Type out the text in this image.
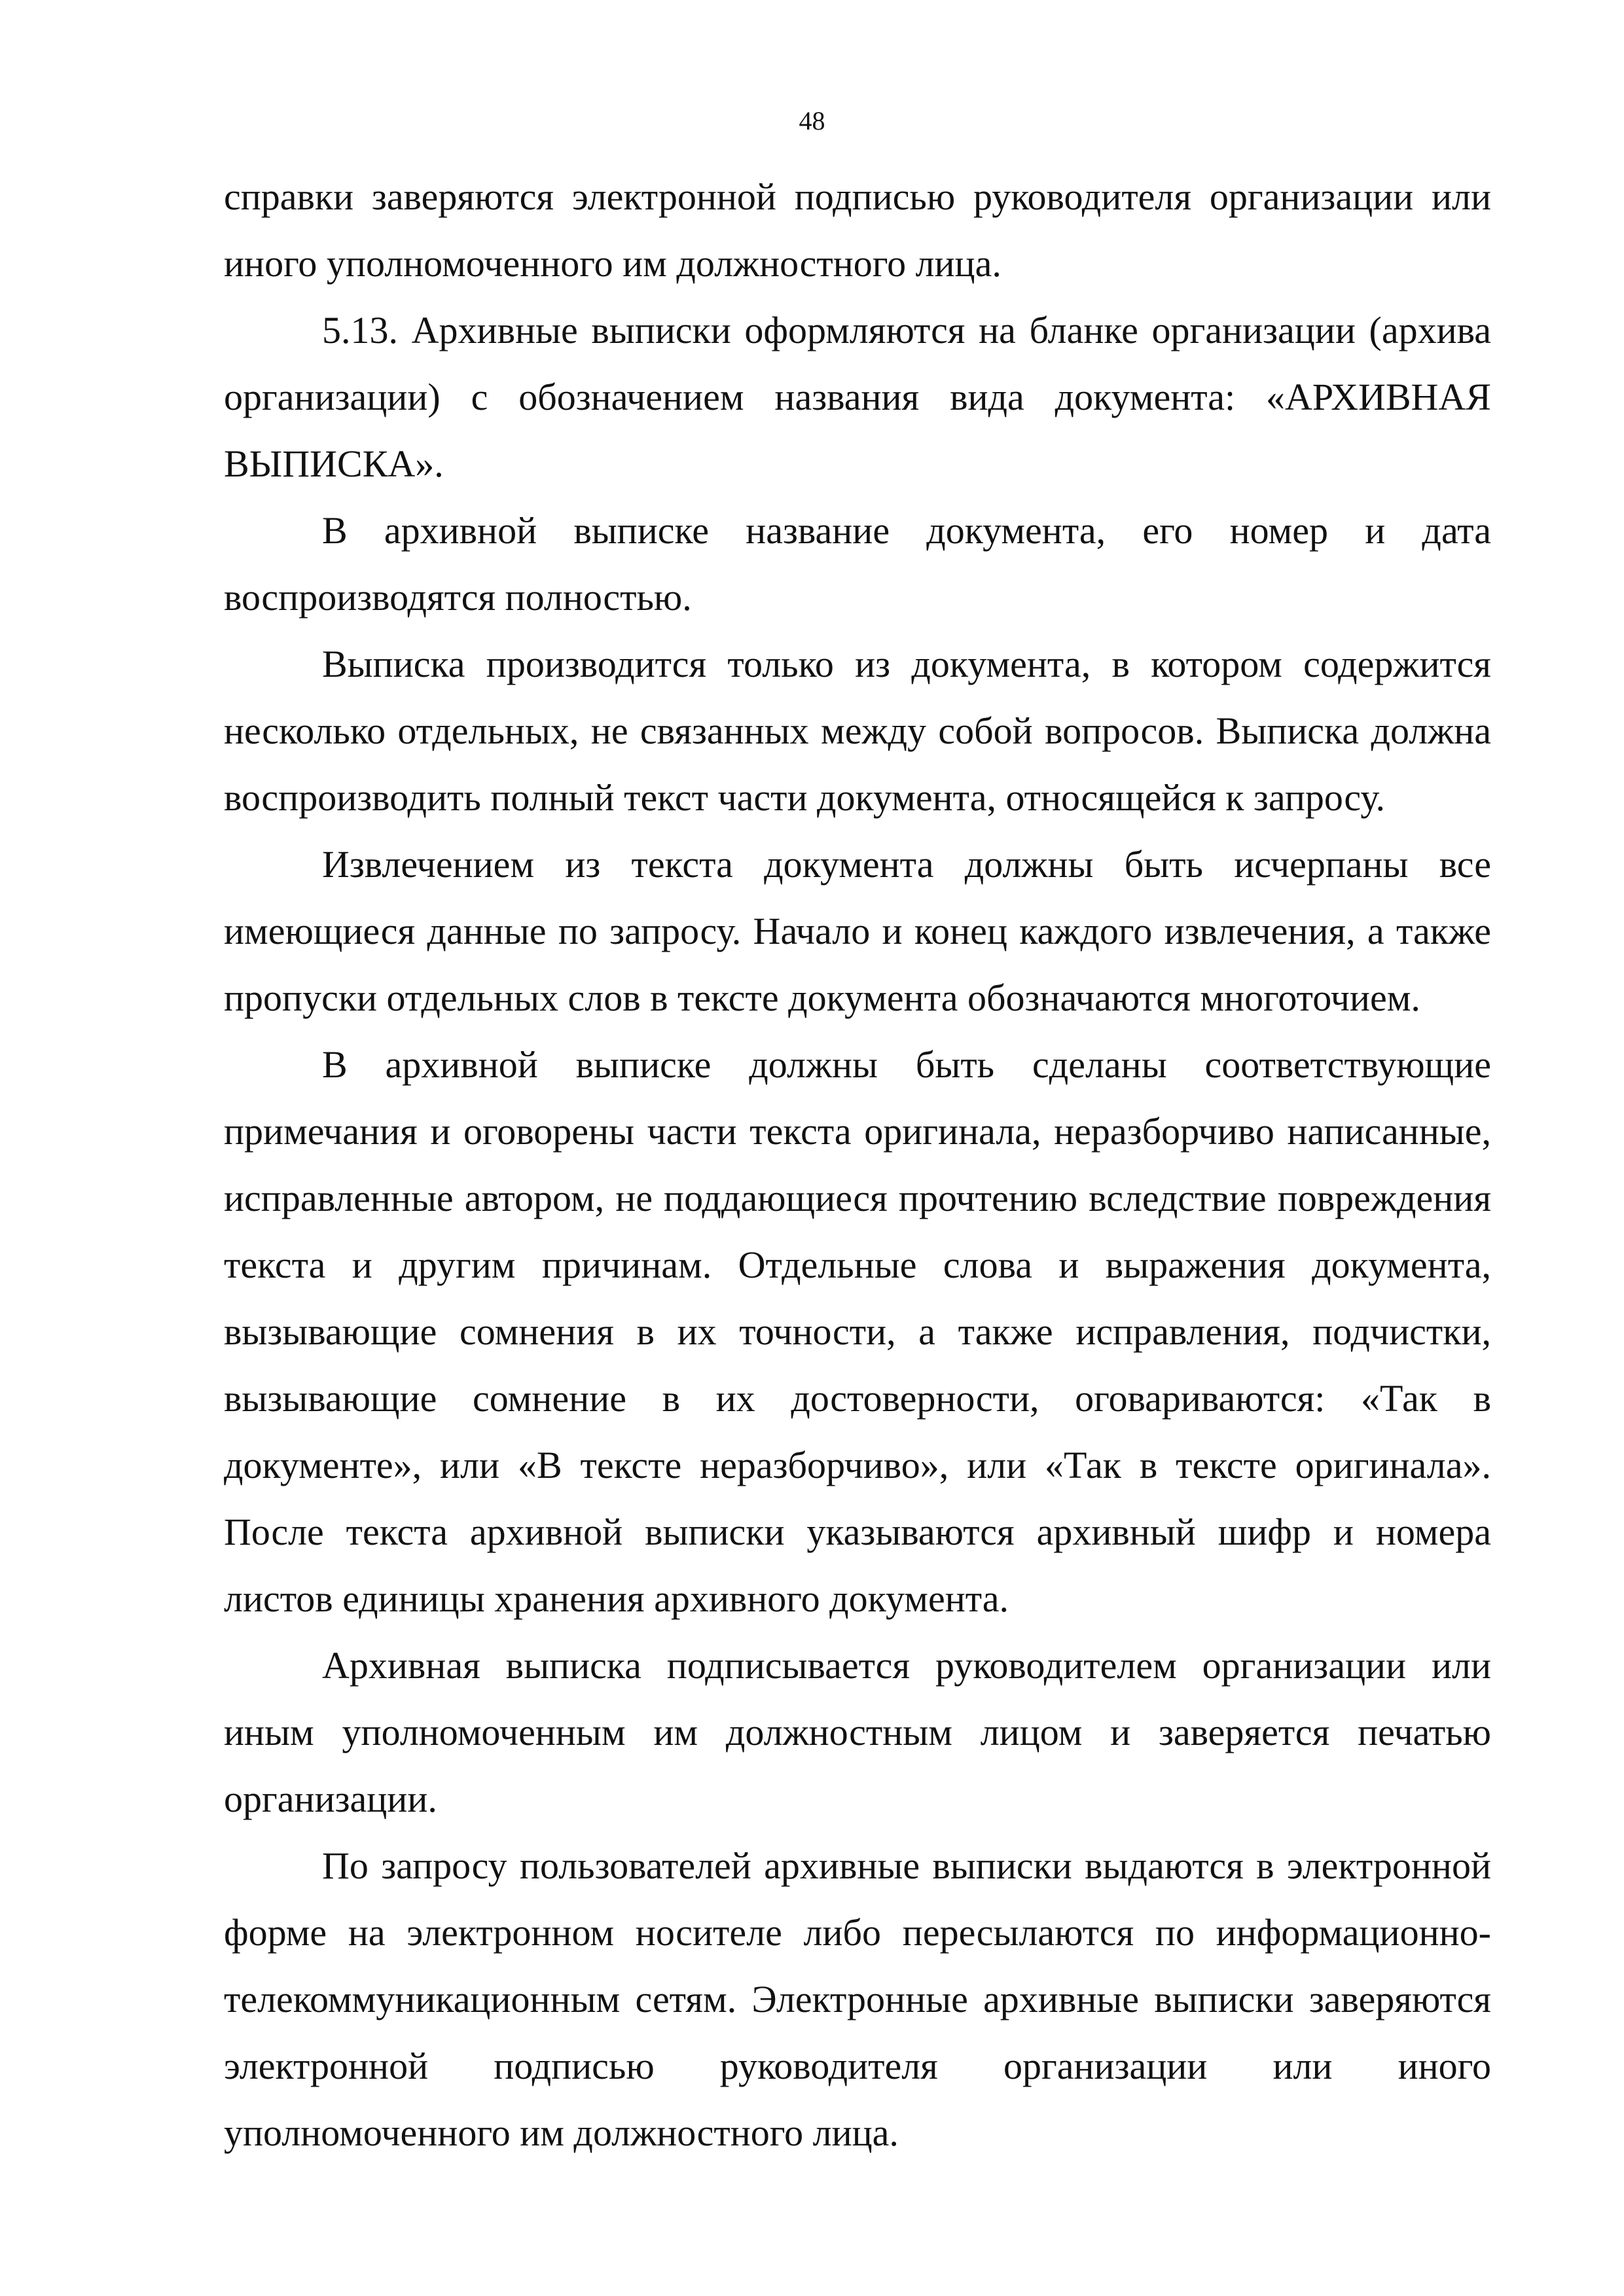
48

справки заверяются электронной подписью руководителя организации или иного уполномоченного им должностного лица.

5.13. Архивные выписки оформляются на бланке организации (архива организации) с обозначением названия вида документа: «АРХИВНАЯ ВЫПИСКА».

В архивной выписке название документа, его номер и дата воспроизводятся полностью.

Выписка производится только из документа, в котором содержится несколько отдельных, не связанных между собой вопросов. Выписка должна воспроизводить полный текст части документа, относящейся к запросу.

Извлечением из текста документа должны быть исчерпаны все имеющиеся данные по запросу. Начало и конец каждого извлечения, а также пропуски отдельных слов в тексте документа обозначаются многоточием.

В архивной выписке должны быть сделаны соответствующие примечания и оговорены части текста оригинала, неразборчиво написанные, исправленные автором, не поддающиеся прочтению вследствие повреждения текста и другим причинам. Отдельные слова и выражения документа, вызывающие сомнения в их точности, а также исправления, подчистки, вызывающие сомнение в их достоверности, оговариваются: «Так в документе», или «В тексте неразборчиво», или «Так в тексте оригинала». После текста архивной выписки указываются архивный шифр и номера листов единицы хранения архивного документа.

Архивная выписка подписывается руководителем организации или иным уполномоченным им должностным лицом и заверяется печатью организации.

По запросу пользователей архивные выписки выдаются в электронной форме на электронном носителе либо пересылаются по информационно-телекоммуникационным сетям. Электронные архивные выписки заверяются электронной подписью руководителя организации или иного уполномоченного им должностного лица.
